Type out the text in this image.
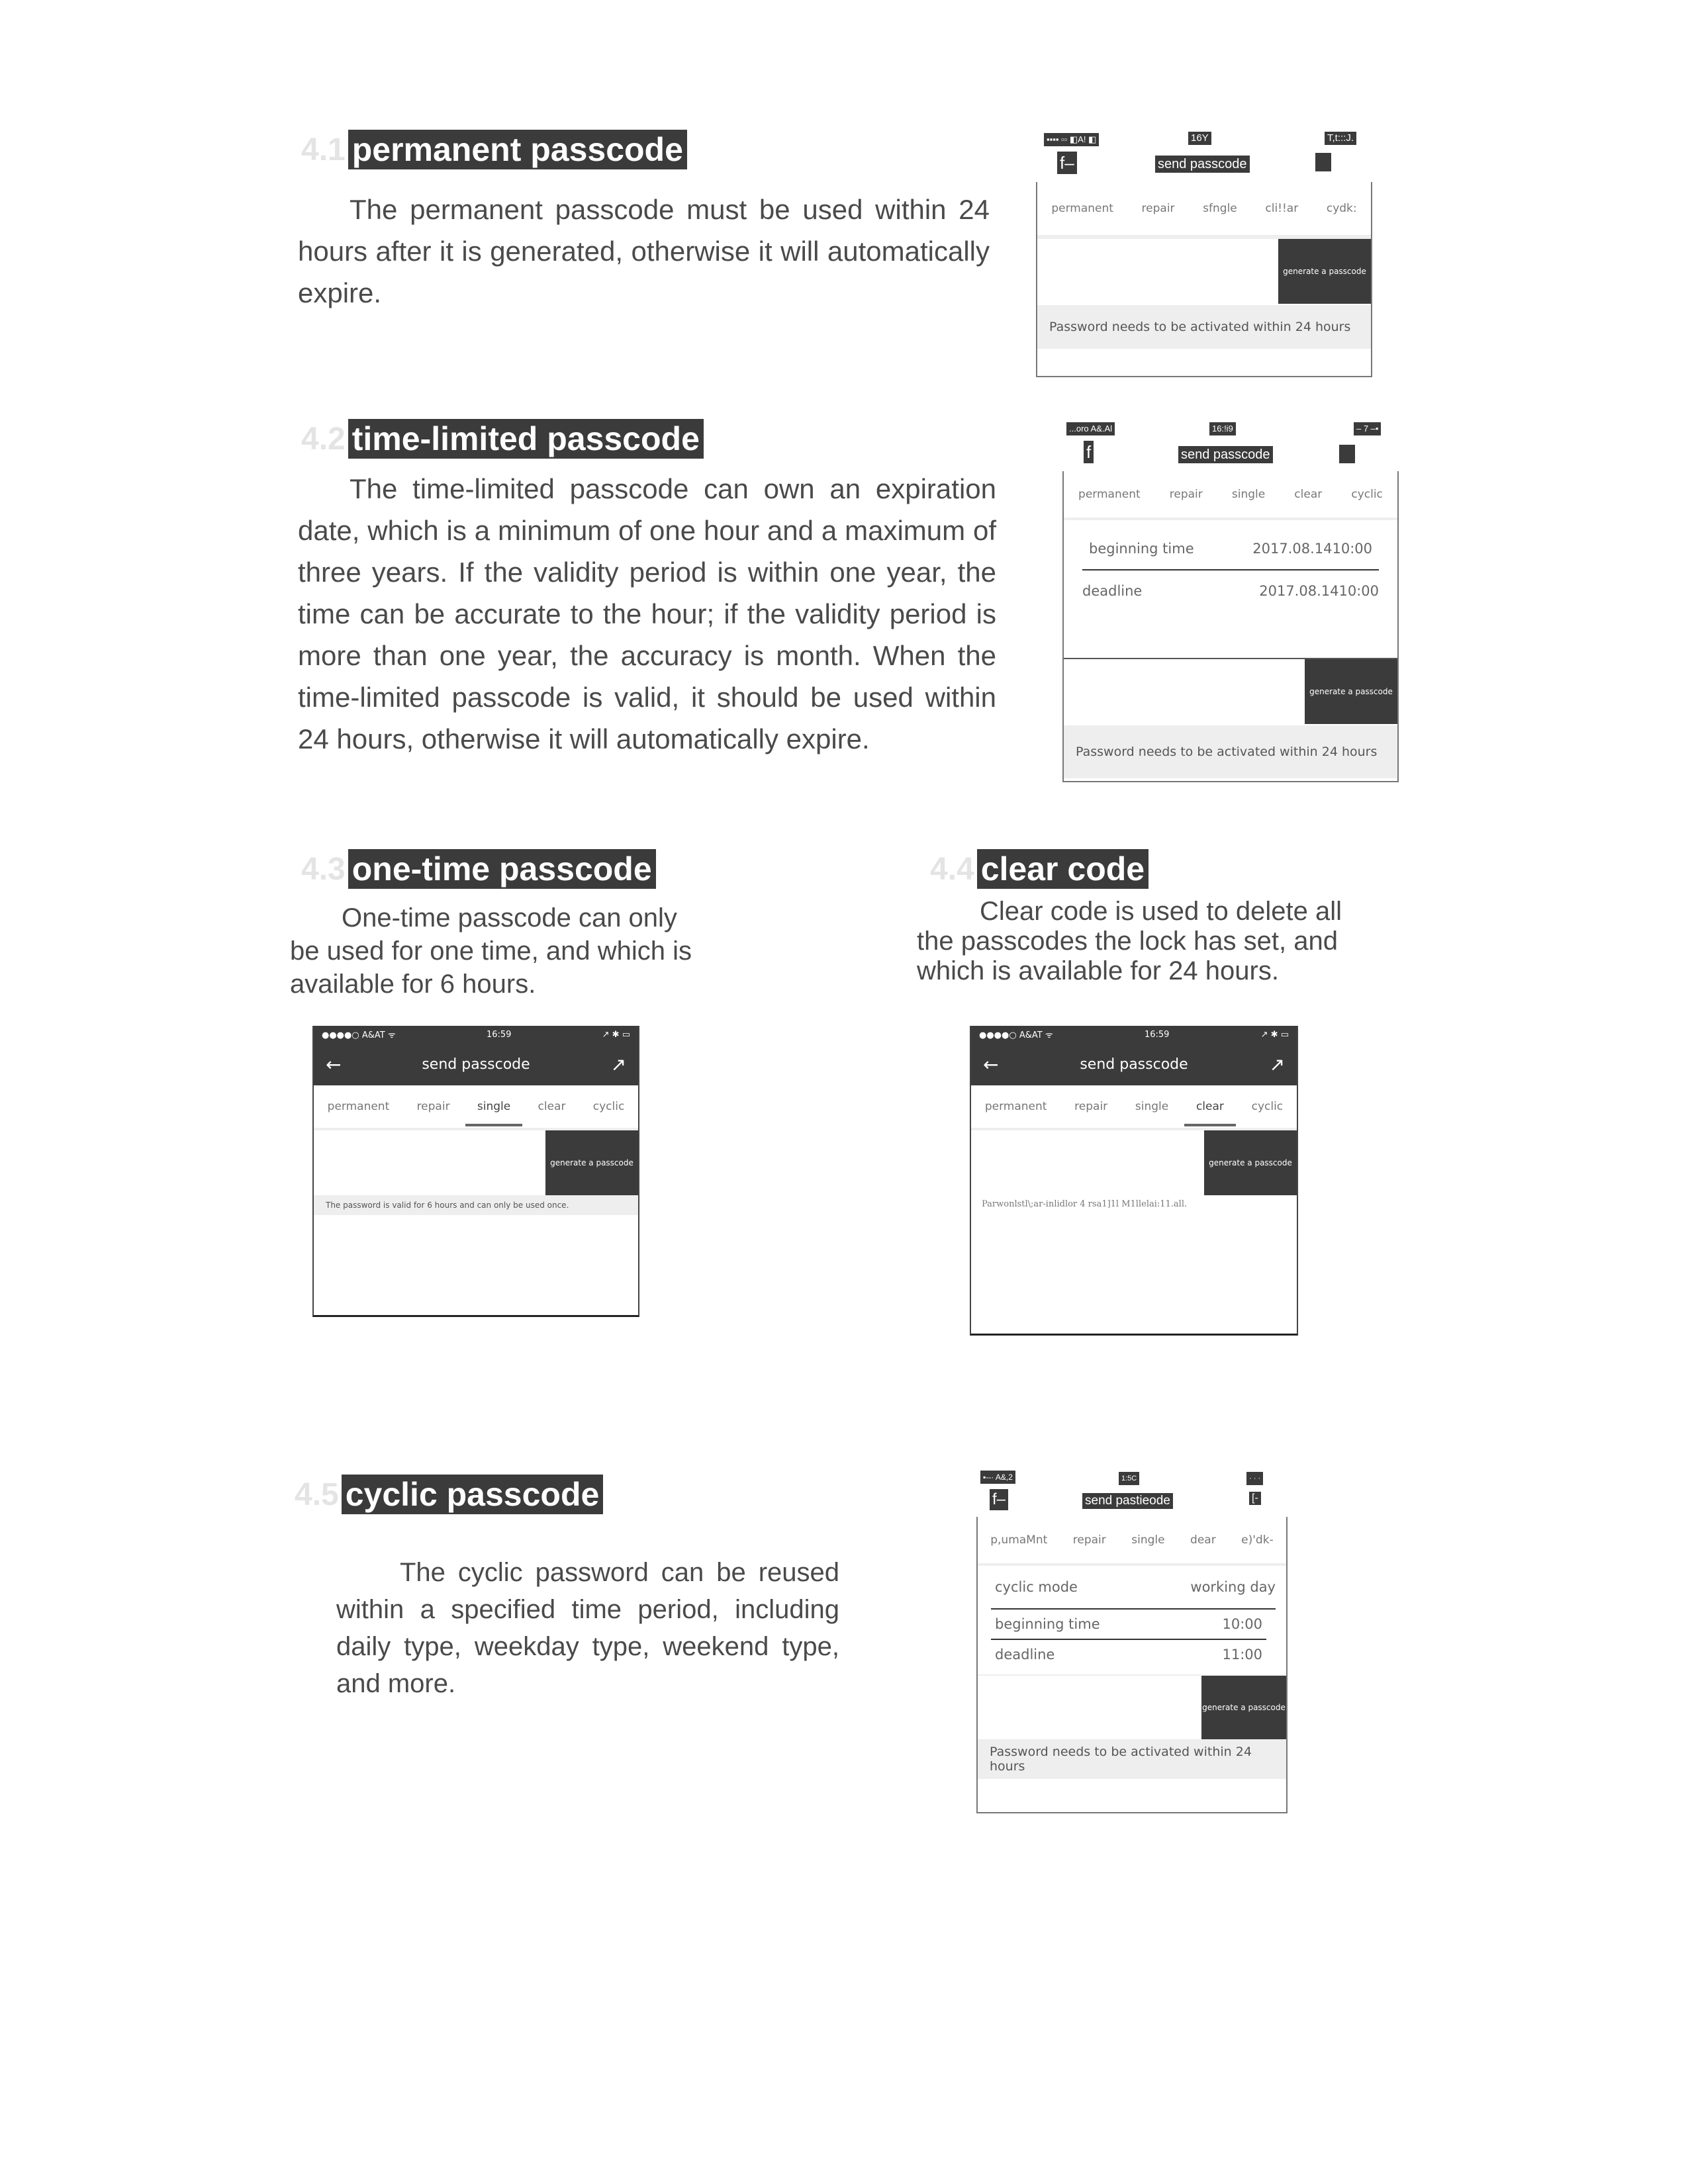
4.1 permanent passcode

The permanent passcode must be used within 24 hours after it is generated, otherwise it will automatically expire.

▪▪▪▪ ▫▫ ◧A! ◧	16Y	T,t:::J.
f–	send passcode
permanent	repair	sfngle	cli!!ar	cydk:
generate a passcode
Password needs to be activated within 24 hours
4.2 time-limited passcode

The time-limited passcode can own an expiration date, which is a minimum of one hour and a maximum of three years. If the validity period is within one year, the time can be accurate to the hour; if the validity period is more than one year, the accuracy is month. When the time-limited passcode is valid, it should be used within 24 hours, otherwise it will automatically expire.

...oro A&.Al	16:!i9	– 7 –•
f	send passcode
permanent	repair	single	clear	cyclic
beginning time	2017.08.1410:00
deadline	2017.08.1410:00
generate a passcode
Password needs to be activated within 24 hours
4.3 one-time passcode

One-time passcode can only be used for one time, and which is available for 6 hours.

●●●●○ A&AT ᯤ	16:59	↗ ✱ ▭
←	send passcode	↗
permanent repair single clear cyclic
generate a passcode
The password is valid for 6 hours and can only be used once.
4.4 clear code

Clear code is used to delete all the passcodes the lock has set, and which is available for 24 hours.

●●●●○ A&AT ᯤ	16:59	↗ ✱ ▭
←	send passcode	↗
permanent repair single clear cyclic
generate a passcode
Parwonlstl\;ar-inlidlor 4 rsa1]1l M1llelai:11.all.
4.5 cyclic passcode

The cyclic password can be reused within a specified time period, including daily type, weekday type, weekend type, and more.

▪--· A&,2	1:5C	· · ·
f–	send pastieode	[-
p,umaMnt repair single dear e)'dk-
cyclic mode	working day
beginning time	10:00
deadline	11:00
generate a passcode
Password needs to be activated within 24 hours
